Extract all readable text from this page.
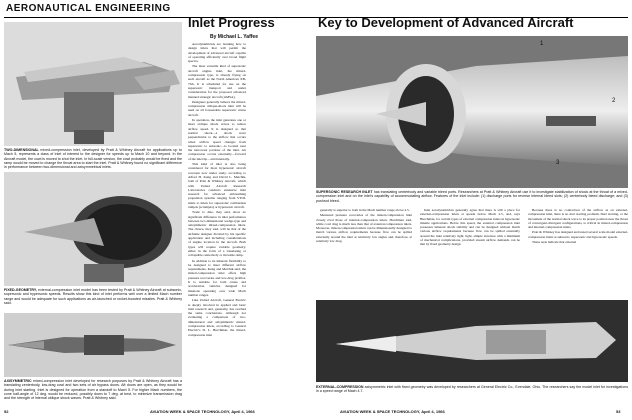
AERONAUTICAL ENGINEERING
Inlet Progress	Key to Development of Advanced Aircraft
By Michael L. Yaffee
TWO-DIMENSIONAL mixed-compression inlet, developed by Pratt & Whitney Aircraft for applications up to Mach 5, represents a class of inlet of interest to the designer for speeds up to Mach 10 and beyond. In the Aircraft model, the cowl is moved to shut the inlet. In full-scale version, the cowl probably would be fixed and the ramp would be moved to change the throat area to start the inlet. Pratt & Whitney found no significant difference in performance between two-dimensional and axisymmetrical inlets.
FIXED-GEOMETRY, external-compression inlet model has been tested by Pratt & Whitney Aircraft at subsonic, supersonic and hypersonic speeds. Results show this kind of inlet performs well over a limited Mach number range and would be adequate for such applications as air-launched or rocket-boosted missiles. Pratt & Whitney said.
AXISYMMETRIC mixed-compression inlet developed for research purposes by Pratt & Whitney Aircraft has a translating centerbody, low-drag cowl and two sets of air bypass doors. Aft doors are open, as they would be during inlet starting. Inlet is designed for operation from a standoff to Mach 5. For higher Mach numbers, the cone half-angle of 12 deg. would be reduced, possibly down to 7 deg. at best, to minimize transmission drag and the strength of internal oblique shock waves. Pratt & Whitney said.

Aerodynamicists are learning how to design inlets that will permit the development of advanced aircraft capable of operating efficiently over broad flight spectra.

The most versatile kind of supersonic aircraft engine inlet, the mixed-compression type, is already flying on such aircraft as the North American XB-70A. It is scheduled for use on the supersonic transport and under consideration for the proposed advanced manned strategic aircraft (AMSA).

Designers generally believe the mixed-compression oblique-shock inlet will be used on all foreseeable supersonic cruise aircraft.

In operation, the inlet generates one or more oblique shock waves to reduce airflow speed. It is designed so that normal shock—a shock wave perpendicular to the airflow that occurs when airflow speed changes from supersonic to subsonic—is located near the narrowest portions of the inlet. Air compression occurs externally—forward of the inlet lip—and internally.

This kind of inlet is also being considered for most hypersonic aircraft concepts now under study, according to Alfred H. Kung and David L. Metchik, both of Pratt & Whitney Aircraft, which with United Aircraft Research Laboratories conducts extensive inlet research for advanced airbreathing propulsion systems ranging from VTOL inlets to inlets for supersonic combustion ramjets (scramjets) or hypersonic aircraft.

Trade to date, they said, show no significant difference in inlet performance between two-dimensional wedge-type and axisymmetric mixed-compression inlets. The choice, they said, will be that of the airframe designer dictated by his specific application and including considerations of engine location in the aircraft. Both types will require variable geometry, either in the form of a translating or collapsible centerbody or movable ramp.

In addition to its inherent flexibility to be designed to meet different airflow requirements, Kung and Metchik said, the mixed-compression inlet offers high pressure recoveries and low-drag profiles. It is suitable for both cruise and acceleration vehicles designed for missions operating over wide Mach number ranges.

Like United Aircraft, General Electric is deeply involved in applied and basic inlet research and, generally, has reached the same conclusions. Although not evaluating a comparison of two-dimensional and axisymmetric mixed-compression inlets, according to General Electric's D. L. Hurchman, the mixed-compression inlet

1
2
3
SUPERSONIC RESEARCH INLET has translating centerbody and variable bleed ports. Researchers at Pratt & Whitney Aircraft use it to investigate stabilization of shock at the throat of a mixed-compression inlet and on the inlet's capability of accommodating airflow. Features of the inlet include: (1) discharge ports for reverse internal bleed slots; (2) centerbody bleed discharge; and (3) pushrod bleed.

generally is superior to both in the Mach number range above 2.5.

Measured pressure recoveries of the mixed-compression inlet closely rival those of internal-compression inlets. Hurchman said, while cowl drag is much less than that of external-compression inlets. Moreover, mixed-compression inlets can be dimensionally designed to match various airflow requirements because flow can be spilled externally around the inlet at relatively low angles and, therefore, at relatively low drag.

Inlet aerodynamicists generally agree that there is still a place for external-compression inlets at speeds below Mach 2.5, and, says Hurchman, for certain types of external compression inlets in hypersonic missile applications. Below this speed, the external compression inlet possesses inherent shock stability and can be designed without match various airflow requirements because flow can be spilled externally around the inlet relatively tight, light, simple structure with a minimum of mechanical complications, provided stream airflow demands can be met by fixed geometry design.

Because there is no contraction of the airflow as on external-compression inlet, there is no duct starting problem. Duct starting, or the movement of the normal shock wave to its proper position near the throat of convergent-divergent configurations, is critical in mixed-compression and internal-compression inlets.

Pratt & Whitney has designed and tested several scale model external-compression inlets at subsonic, supersonic and hypersonic speeds.

These tests indicate that external

EXTERNAL-COMPRESSION axisymmetric inlet with fixed geometry was developed by researchers at General Electric Co., Evendale, Ohio. The researchers say the model inlet for investigations in a speed range of Mach 4.7.
52	AVIATION WEEK & SPACE TECHNOLOGY, April 4, 1966	AVIATION WEEK & SPACE TECHNOLOGY, April 4, 1966	53
